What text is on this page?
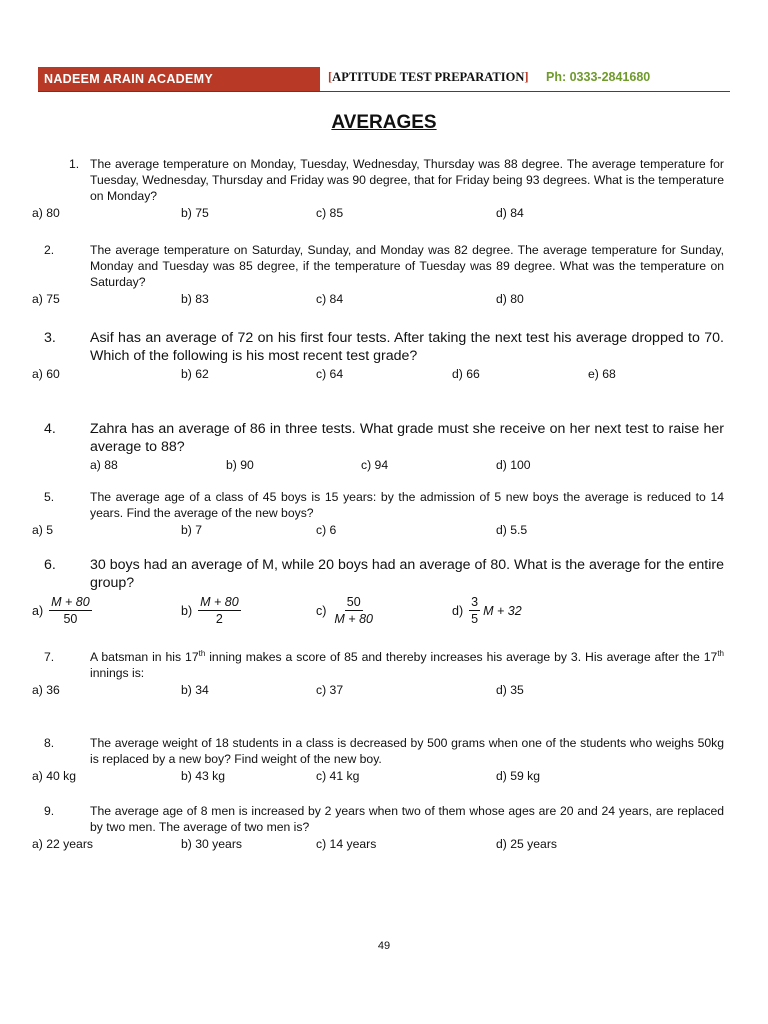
NADEEM ARAIN ACADEMY	[APTITUDE TEST PREPARATION] Ph: 0333-2841680
AVERAGES
1. The average temperature on Monday, Tuesday, Wednesday, Thursday was 88 degree. The average temperature for Tuesday, Wednesday, Thursday and Friday was 90 degree, that for Friday being 93 degrees. What is the temperature on Monday?
a) 80	b) 75	c) 85	d) 84
2.	The average temperature on Saturday, Sunday, and Monday was 82 degree. The average temperature for Sunday, Monday and Tuesday was 85 degree, if the temperature of Tuesday was 89 degree. What was the temperature on Saturday?
a) 75	b) 83	c) 84	d) 80
3. Asif has an average of 72 on his first four tests. After taking the next test his average dropped to 70. Which of the following is his most recent test grade?
a) 60	b) 62	c) 64	d) 66	e) 68
4. Zahra has an average of 86 in three tests. What grade must she receive on her next test to raise her average to 88?
a) 88	b) 90	c) 94	d) 100
5.	The average age of a class of 45 boys is 15 years: by the admission of 5 new boys the average is reduced to 14 years. Find the average of the new boys?
a) 5	b) 7	c) 6	d) 5.5
6. 30 boys had an average of M, while 20 boys had an average of 80. What is the average for the entire group?
$a) \frac{M + 80}{50}$	$b) \frac{M + 80}{2}$	$c) \frac{50}{M + 80}$	$d) \frac{3}{5}$ M + 32
7.	A batsman in his 17th inning makes a score of 85 and thereby increases his average by 3. His average after the 17th innings is:
a) 36	b) 34	c) 37	d) 35
8.	The average weight of 18 students in a class is decreased by 500 grams when one of the students who weighs 50kg is replaced by a new boy? Find weight of the new boy.
a) 40 kg	b) 43 kg	c) 41 kg	d) 59 kg
9.	The average age of 8 men is increased by 2 years when two of them whose ages are 20 and 24 years, are replaced by two men. The average of two men is?
a) 22 years	b) 30 years	c) 14 years	d) 25 years
49
